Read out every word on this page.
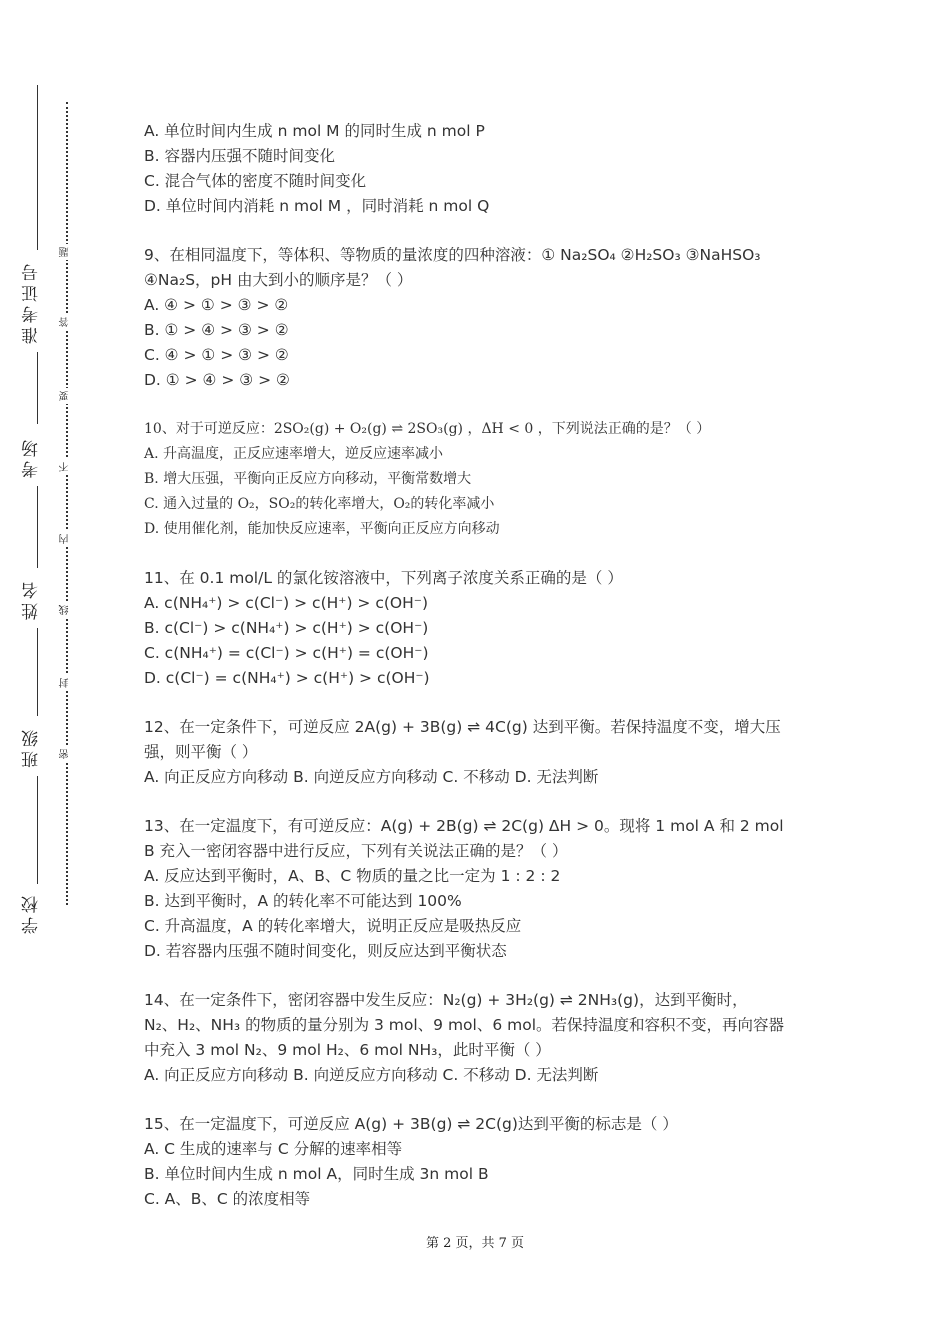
准考证号
考场
姓名
班级
学校
题
答
要
不
内
线
封
密
A. 单位时间内生成 n mol M 的同时生成 n mol P
B. 容器内压强不随时间变化
C. 混合气体的密度不随时间变化
D. 单位时间内消耗 n mol M ，同时消耗 n mol Q
9、在相同温度下，等体积、等物质的量浓度的四种溶液：① Na₂SO₄ ②H₂SO₃ ③NaHSO₃
④Na₂S，pH 由大到小的顺序是？（ ）
A. ④ > ① > ③ > ②
B. ① > ④ > ③ > ②
C. ④ > ① > ③ > ②
D. ① > ④ > ③ > ②
10、对于可逆反应：2SO₂(g) + O₂(g) ⇌ 2SO₃(g) ，ΔH < 0 ，下列说法正确的是？（ ）
A. 升高温度，正反应速率增大，逆反应速率减小
B. 增大压强，平衡向正反应方向移动，平衡常数增大
C. 通入过量的 O₂，SO₂的转化率增大，O₂的转化率减小
D. 使用催化剂，能加快反应速率，平衡向正反应方向移动
11、在 0.1 mol/L 的氯化铵溶液中，下列离子浓度关系正确的是（ ）
A. c(NH₄⁺) > c(Cl⁻) > c(H⁺) > c(OH⁻)
B. c(Cl⁻) > c(NH₄⁺) > c(H⁺) > c(OH⁻)
C. c(NH₄⁺) = c(Cl⁻) > c(H⁺) = c(OH⁻)
D. c(Cl⁻) = c(NH₄⁺) > c(H⁺) > c(OH⁻)
12、在一定条件下，可逆反应 2A(g) + 3B(g) ⇌ 4C(g) 达到平衡。若保持温度不变，增大压
强，则平衡（ ）
A. 向正反应方向移动 B. 向逆反应方向移动 C. 不移动 D. 无法判断
13、在一定温度下，有可逆反应：A(g) + 2B(g) ⇌ 2C(g) ΔH > 0。现将 1 mol A 和 2 mol
B 充入一密闭容器中进行反应，下列有关说法正确的是？（ ）
A. 反应达到平衡时，A、B、C 物质的量之比一定为 1 : 2 : 2
B. 达到平衡时，A 的转化率不可能达到 100%
C. 升高温度，A 的转化率增大，说明正反应是吸热反应
D. 若容器内压强不随时间变化，则反应达到平衡状态
14、在一定条件下，密闭容器中发生反应：N₂(g) + 3H₂(g) ⇌ 2NH₃(g)，达到平衡时，
N₂、H₂、NH₃ 的物质的量分别为 3 mol、9 mol、6 mol。若保持温度和容积不变，再向容器
中充入 3 mol N₂、9 mol H₂、6 mol NH₃，此时平衡（ ）
A. 向正反应方向移动 B. 向逆反应方向移动 C. 不移动 D. 无法判断
15、在一定温度下，可逆反应 A(g) + 3B(g) ⇌ 2C(g)达到平衡的标志是（ ）
A. C 生成的速率与 C 分解的速率相等
B. 单位时间内生成 n mol A，同时生成 3n mol B
C. A、B、C 的浓度相等
第 2 页，共 7 页
